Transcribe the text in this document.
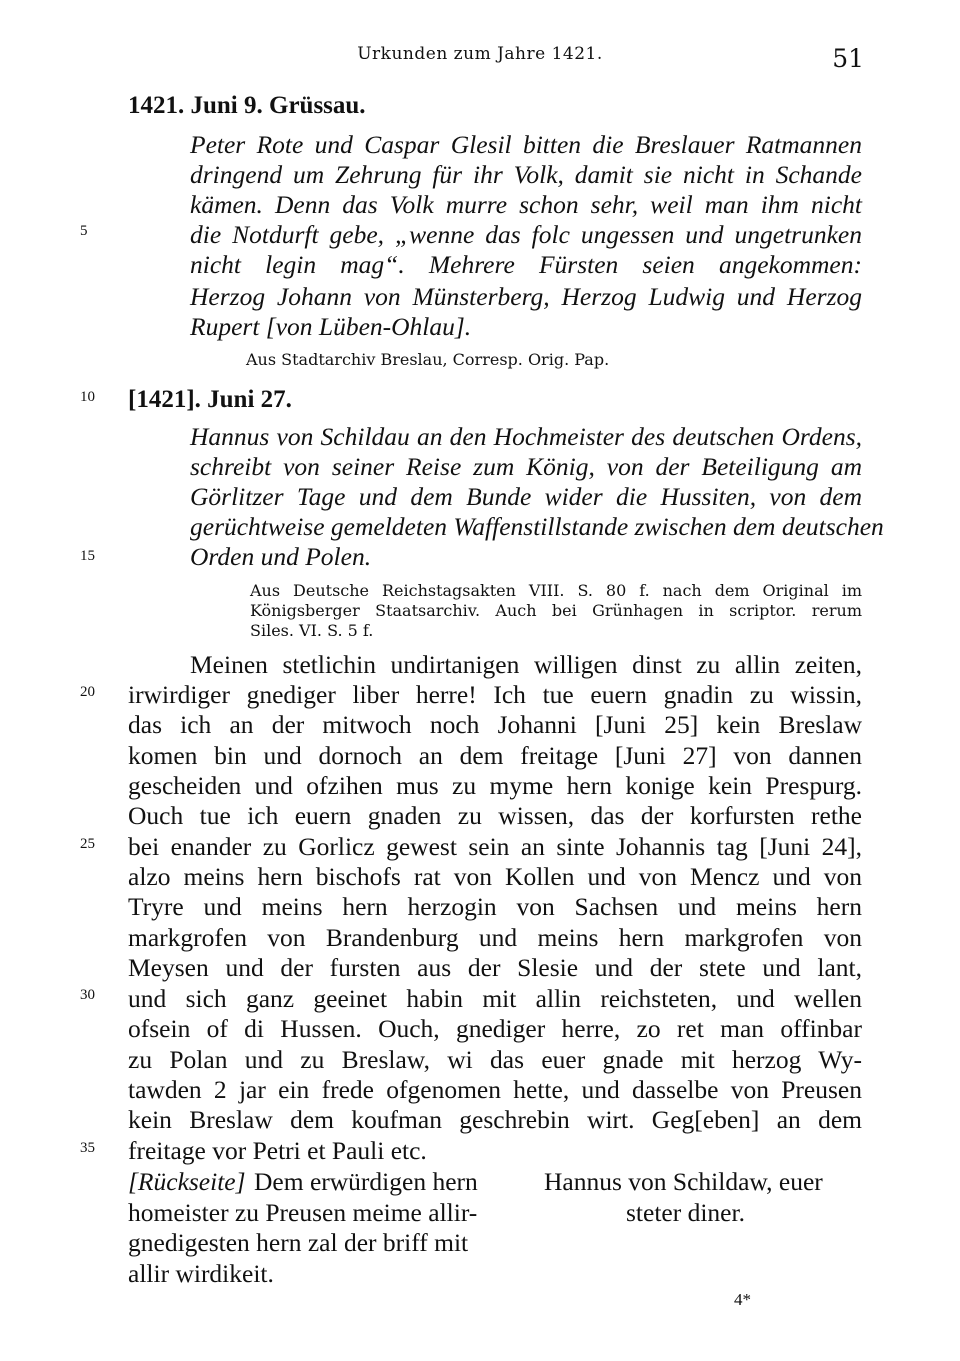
Urkunden zum Jahre 1421.	51
1421. Juni 9. Grüssau.
Peter Rote und Caspar Glesil bitten die Breslauer Ratmannen
dringend um Zehrung für ihr Volk, damit sie nicht in Schande
kämen. Denn das Volk murre schon sehr, weil man ihm nicht
die Notdurft gebe, „wenne das folc ungessen und ungetrunken
nicht legin mag“. Mehrere Fürsten seien angekommen:
Herzog Johann von Münsterberg, Herzog Ludwig und Herzog
Rupert [von Lüben-Ohlau].
Aus Stadtarchiv Breslau, Corresp. Orig. Pap.
[1421]. Juni 27.
Hannus von Schildau an den Hochmeister des deutschen Ordens,
schreibt von seiner Reise zum König, von der Beteiligung am
Görlitzer Tage und dem Bunde wider die Hussiten, von dem
gerüchtweise gemeldeten Waffenstillstande zwischen dem deutschen
Orden und Polen.
Aus Deutsche Reichstagsakten VIII. S. 80 f. nach dem Original im
Königsberger Staatsarchiv. Auch bei Grünhagen in scriptor. rerum
Siles. VI. S. 5 f.
Meinen stetlichin undirtanigen willigen dinst zu allin zeiten,
irwirdiger gnediger liber herre! Ich tue euern gnadin zu wissin,
das ich an der mitwoch noch Johanni [Juni 25] kein Breslaw
komen bin und dornoch an dem freitage [Juni 27] von dannen
gescheiden und ofzihen mus zu myme hern konige kein Prespurg.
Ouch tue ich euern gnaden zu wissen, das der korfursten rethe
bei enander zu Gorlicz gewest sein an sinte Johannis tag [Juni 24],
alzo meins hern bischofs rat von Kollen und von Mencz und von
Tryre und meins hern herzogin von Sachsen und meins hern
markgrofen von Brandenburg und meins hern markgrofen von
Meysen und der fursten aus der Slesie und der stete und lant,
und sich ganz geeinet habin mit allin reichsteten, und wellen
ofsein of di Hussen. Ouch, gnediger herre, zo ret man offinbar
zu Polan und zu Breslaw, wi das euer gnade mit herzog Wy-
tawden 2 jar ein frede ofgenomen hette, und dasselbe von Preusen
kein Breslaw dem koufman geschrebin wirt. Geg[eben] an dem
freitage vor Petri et Pauli etc.
[Rückseite] Dem erwürdigen hern
homeister zu Preusen meime allir-
gnedigesten hern zal der briff mit
allir wirdikeit.
Hannus von Schildaw, euer
steter diner.
4*
5
10
15
20
25
30
35
